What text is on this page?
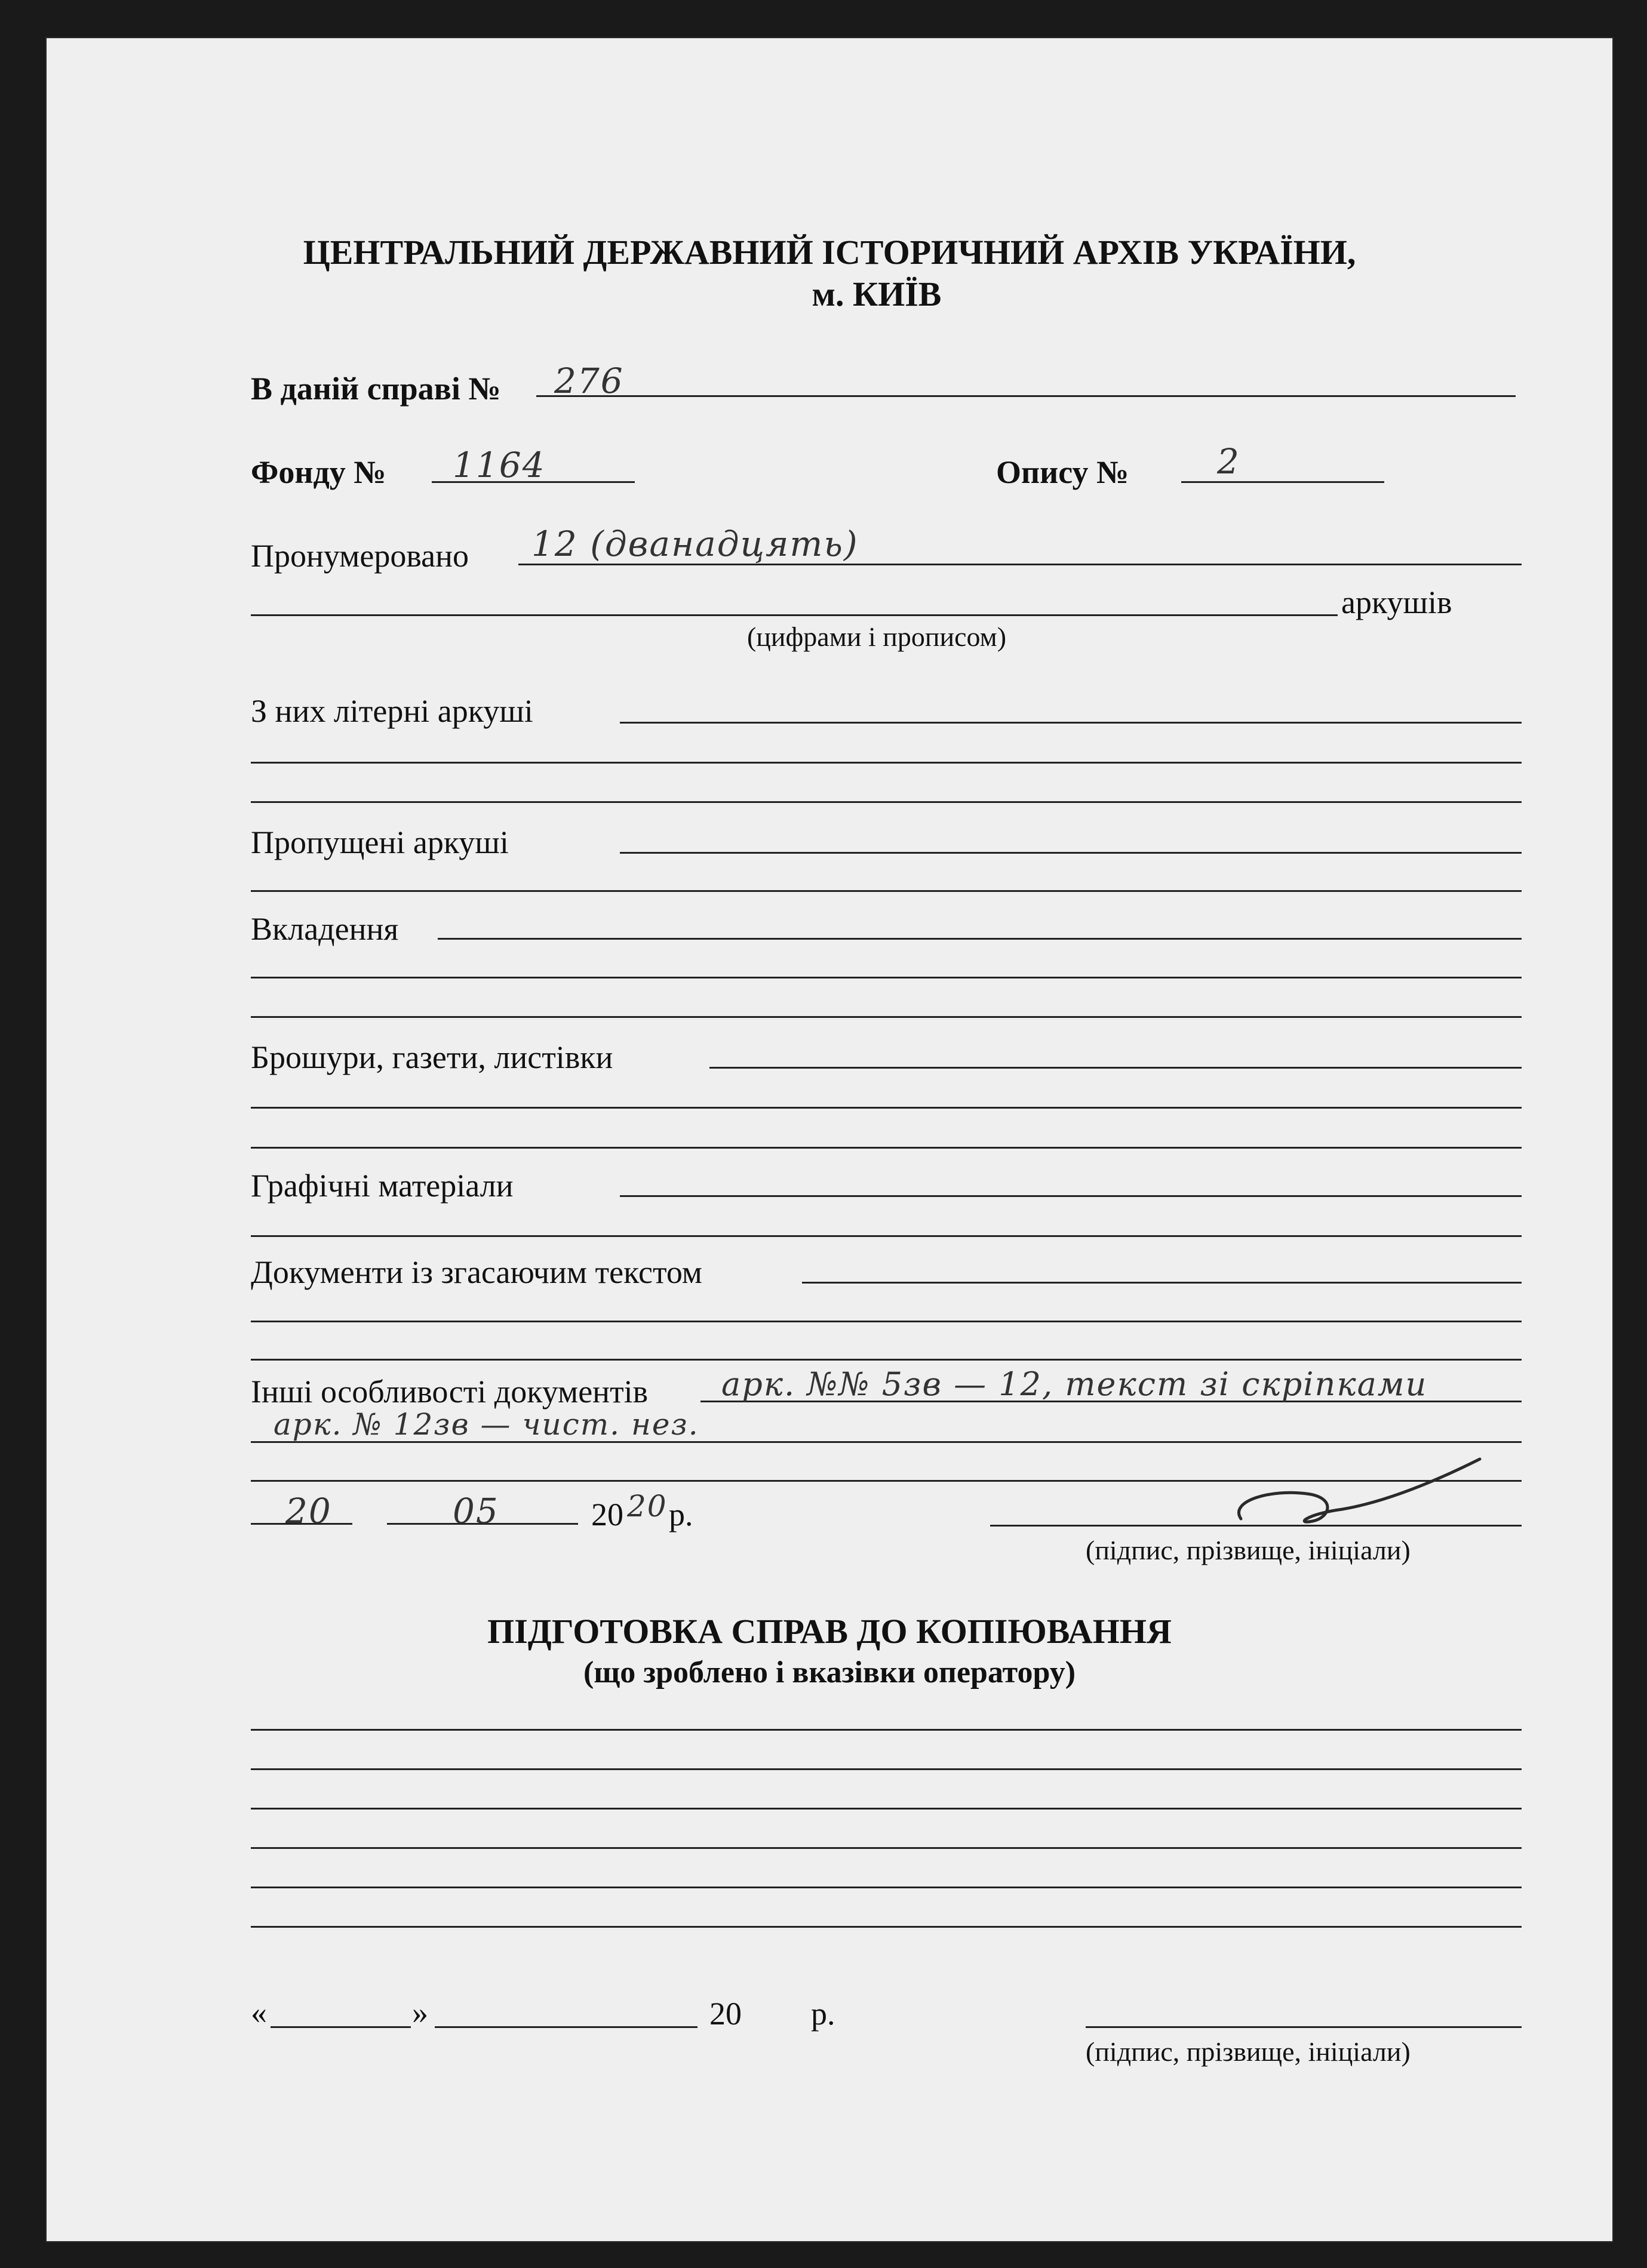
ЦЕНТРАЛЬНИЙ ДЕРЖАВНИЙ ІСТОРИЧНИЙ АРХІВ УКРАЇНИ,
м. КИЇВ
В даній справі № 276
Фонду № 1164	Опису №	2
Пронумеровано 12 (дванадцять)
аркушів
(цифрами і прописом)
З них літерні аркуші
Пропущені аркуші
Вкладення
Брошури, газети, листівки
Графічні матеріали
Документи із згасаючим текстом
Інші особливості документів арк. №№ 5зв — 12, текст зі скріпками
арк. № 12зв — чист. нез.
20	05	20 20 р.
(підпис, прізвище, ініціали)
ПІДГОТОВКА СПРАВ ДО КОПІЮВАННЯ
(що зроблено і вказівки оператору)
«	»	20 р.
(підпис, прізвище, ініціали)
